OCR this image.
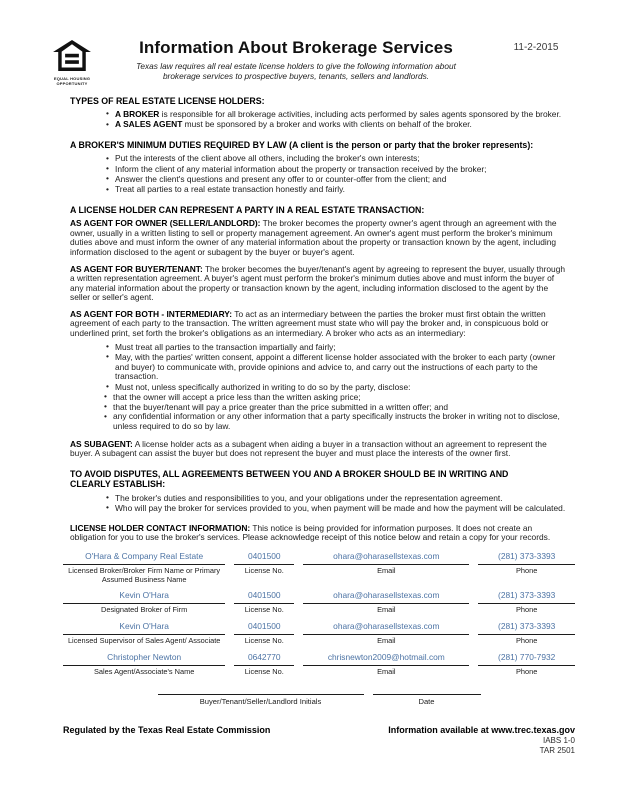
EQUAL HOUSING
OPPORTUNITY
Information About Brokerage Services
Texas law requires all real estate license holders to give the following information about brokerage services to prospective buyers, tenants, sellers and landlords.
11-2-2015
TYPES OF REAL ESTATE LICENSE HOLDERS:
• A BROKER is responsible for all brokerage activities, including acts performed by sales agents sponsored by the broker.
• A SALES AGENT must be sponsored by a broker and works with clients on behalf of the broker.
A BROKER'S MINIMUM DUTIES REQUIRED BY LAW (A client is the person or party that the broker represents):
• Put the interests of the client above all others, including the broker's own interests;
• Inform the client of any material information about the property or transaction received by the broker;
• Answer the client's questions and present any offer to or counter-offer from the client; and
• Treat all parties to a real estate transaction honestly and fairly.
A LICENSE HOLDER CAN REPRESENT A PARTY IN A REAL ESTATE TRANSACTION:

AS AGENT FOR OWNER (SELLER/LANDLORD): The broker becomes the property owner's agent through an agreement with the owner, usually in a written listing to sell or property management agreement. An owner's agent must perform the broker's minimum duties above and must inform the owner of any material information about the property or transaction known by the agent, including information disclosed to the agent or subagent by the buyer or buyer's agent.

AS AGENT FOR BUYER/TENANT: The broker becomes the buyer/tenant's agent by agreeing to represent the buyer, usually through a written representation agreement. A buyer's agent must perform the broker's minimum duties above and must inform the buyer of any material information about the property or transaction known by the agent, including information disclosed to the agent by the seller or seller's agent.

AS AGENT FOR BOTH - INTERMEDIARY: To act as an intermediary between the parties the broker must first obtain the written agreement of each party to the transaction. The written agreement must state who will pay the broker and, in conspicuous bold or underlined print, set forth the broker's obligations as an intermediary. A broker who acts as an intermediary:

• Must treat all parties to the transaction impartially and fairly;
• May, with the parties' written consent, appoint a different license holder associated with the broker to each party (owner and buyer) to communicate with, provide opinions and advice to, and carry out the instructions of each party to the transaction.
• Must not, unless specifically authorized in writing to do so by the party, disclose:
• that the owner will accept a price less than the written asking price;
• that the buyer/tenant will pay a price greater than the price submitted in a written offer; and
• any confidential information or any other information that a party specifically instructs the broker in writing not to disclose, unless required to do so by law.

AS SUBAGENT: A license holder acts as a subagent when aiding a buyer in a transaction without an agreement to represent the buyer. A subagent can assist the buyer but does not represent the buyer and must place the interests of the owner first.

TO AVOID DISPUTES, ALL AGREEMENTS BETWEEN YOU AND A BROKER SHOULD BE IN WRITING AND CLEARLY ESTABLISH:
• The broker's duties and responsibilities to you, and your obligations under the representation agreement.
• Who will pay the broker for services provided to you, when payment will be made and how the payment will be calculated.

LICENSE HOLDER CONTACT INFORMATION: This notice is being provided for information purposes. It does not create an obligation for you to use the broker's services. Please acknowledge receipt of this notice below and retain a copy for your records.

O'Hara & Company Real Estate
Licensed Broker/Broker Firm Name or Primary Assumed Business Name
0401500
License No.
ohara@oharasellstexas.com
Email
(281) 373-3393
Phone
Kevin O'Hara
Designated Broker of Firm
0401500
License No.
ohara@oharasellstexas.com
Email
(281) 373-3393
Phone
Kevin O'Hara
Licensed Supervisor of Sales Agent/ Associate
0401500
License No.
ohara@oharasellstexas.com
Email
(281) 373-3393
Phone
Christopher Newton
Sales Agent/Associate's Name
0642770
License No.
chrisnewton2009@hotmail.com
Email
(281) 770-7932
Phone
Buyer/Tenant/Seller/Landlord Initials	Date
Regulated by the Texas Real Estate Commission	Information available at www.trec.texas.gov
IABS 1-0
TAR 2501
